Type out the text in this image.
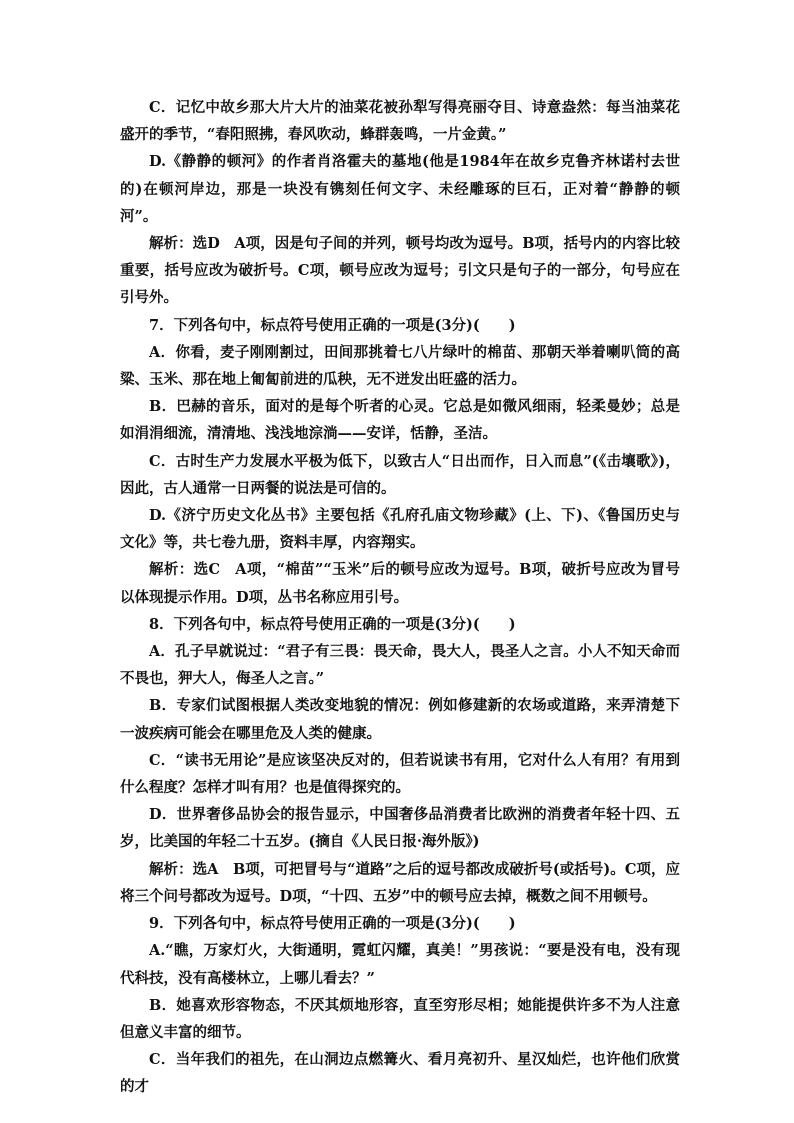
C．记忆中故乡那大片大片的油菜花被孙犁写得亮丽夺目、诗意盎然：每当油菜花盛开的季节，“春阳照拂，春风吹动，蜂群轰鸣，一片金黄。”

D.《静静的顿河》的作者肖洛霍夫的墓地(他是1984年在故乡克鲁齐林诺村去世的)在顿河岸边，那是一块没有镌刻任何文字、未经雕琢的巨石，正对着“静静的顿河”。

解析：选D　A项，因是句子间的并列，顿号均改为逗号。B项，括号内的内容比较重要，括号应改为破折号。C项，顿号应改为逗号；引文只是句子的一部分，句号应在引号外。

7．下列各句中，标点符号使用正确的一项是(3分)(　　)

A．你看，麦子刚刚割过，田间那挑着七八片绿叶的棉苗、那朝天举着喇叭筒的高粱、玉米、那在地上匍匐前进的瓜秧，无不迸发出旺盛的活力。

B．巴赫的音乐，面对的是每个听者的心灵。它总是如微风细雨，轻柔曼妙；总是如涓涓细流，清清地、浅浅地淙淌——安详，恬静，圣洁。

C．古时生产力发展水平极为低下，以致古人“日出而作，日入而息”(《击壤歌》)，因此，古人通常一日两餐的说法是可信的。

D.《济宁历史文化丛书》主要包括《孔府孔庙文物珍藏》(上、下)、《鲁国历史与文化》等，共七卷九册，资料丰厚，内容翔实。

解析：选C　A项，“棉苗”“玉米”后的顿号应改为逗号。B项，破折号应改为冒号以体现提示作用。D项，丛书名称应用引号。

8．下列各句中，标点符号使用正确的一项是(3分)(　　)

A．孔子早就说过：“君子有三畏：畏天命，畏大人，畏圣人之言。小人不知天命而不畏也，狎大人，侮圣人之言。”

B．专家们试图根据人类改变地貌的情况：例如修建新的农场或道路，来弄清楚下一波疾病可能会在哪里危及人类的健康。

C．“读书无用论”是应该坚决反对的，但若说读书有用，它对什么人有用？有用到什么程度？怎样才叫有用？也是值得探究的。

D．世界奢侈品协会的报告显示，中国奢侈品消费者比欧洲的消费者年轻十四、五岁，比美国的年轻二十五岁。(摘自《人民日报·海外版》)

解析：选A　B项，可把冒号与“道路”之后的逗号都改成破折号(或括号)。C项，应将三个问号都改为逗号。D项，“十四、五岁”中的顿号应去掉，概数之间不用顿号。

9．下列各句中，标点符号使用正确的一项是(3分)(　　)

A.“瞧，万家灯火，大街通明，霓虹闪耀，真美！”男孩说：“要是没有电，没有现代科技，没有高楼林立，上哪儿看去？”

B．她喜欢形容物态，不厌其烦地形容，直至穷形尽相；她能提供许多不为人注意但意义丰富的细节。

C．当年我们的祖先，在山洞边点燃篝火、看月亮初升、星汉灿烂，也许他们欣赏的才
